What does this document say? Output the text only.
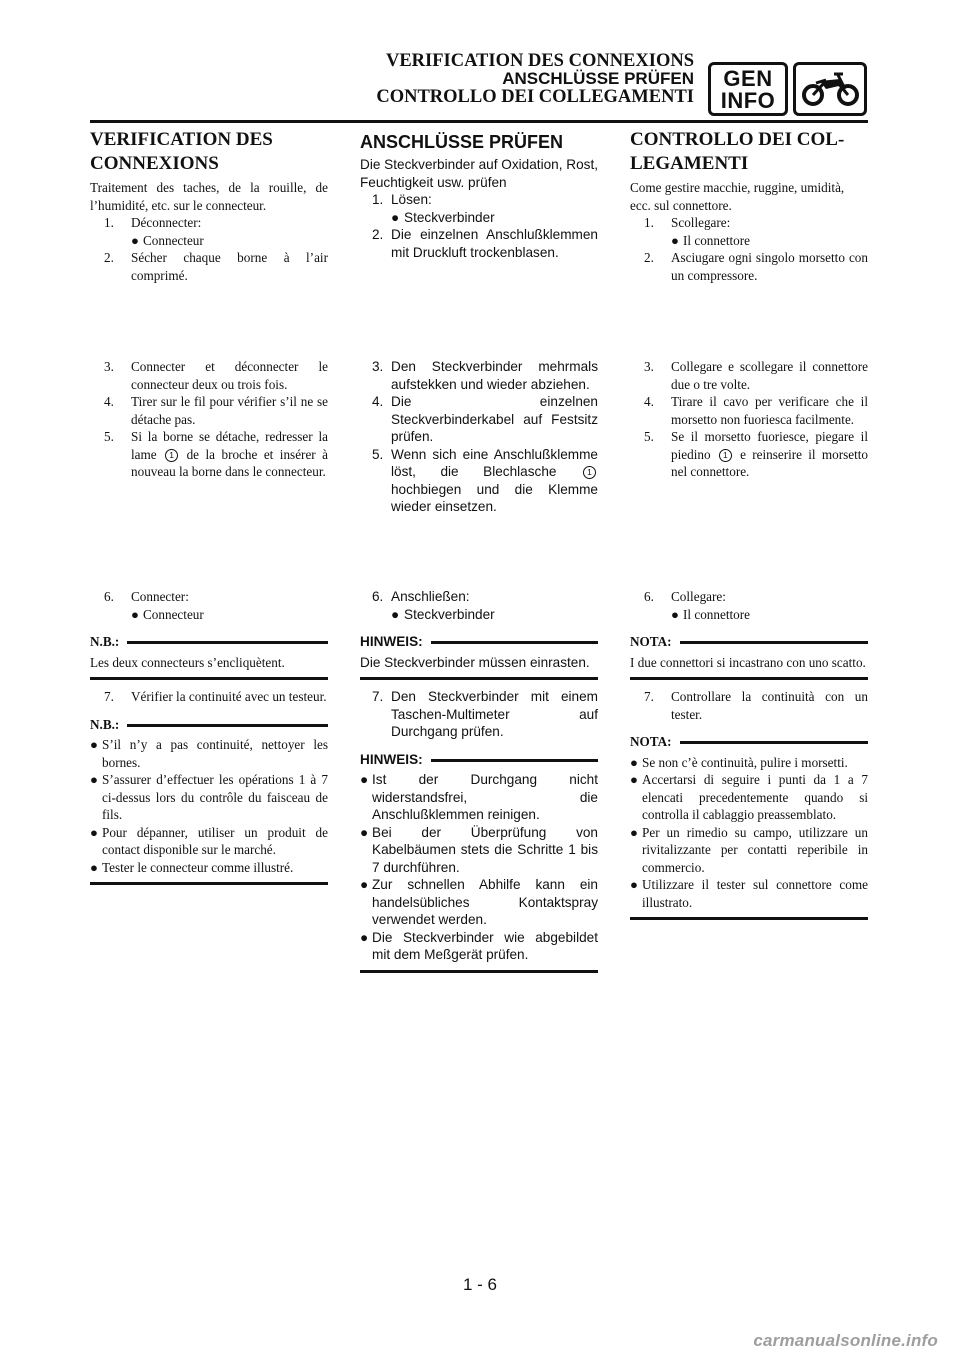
VERIFICATION DES CONNEXIONS
ANSCHLÜSSE PRÜFEN
CONTROLLO DEI COLLEGAMENTI
GEN
INFO
VERIFICATION DES
CONNEXIONS

Traitement des taches, de la rouille, de l’humidité, etc. sur le connecteur.

1. Déconnecter:
● Connecteur
2. Sécher chaque borne à l’air comprimé.
3. Connecter et déconnecter le connecteur deux ou trois fois.
4. Tirer sur le fil pour vérifier s’il ne se détache pas.
5. Si la borne se détache, redresser la lame 1 de la broche et insérer à nouveau la borne dans le connecteur.
6. Connecter:
● Connecteur
N.B.:

Les deux connecteurs s’encliquètent.

7. Vérifier la continuité avec un testeur.
N.B.:
● S’il n’y a pas continuité, nettoyer les bornes.
● S’assurer d’effectuer les opérations 1 à 7 ci-dessus lors du contrôle du faisceau de fils.
● Pour dépanner, utiliser un produit de contact disponible sur le marché.
● Tester le connecteur comme illustré.
ANSCHLÜSSE PRÜFEN

Die Steckverbinder auf Oxidation, Rost, Feuchtigkeit usw. prüfen

1. Lösen:
● Steckverbinder
2. Die einzelnen Anschlußklemmen mit Druckluft trockenblasen.
3. Den Steckverbinder mehrmals aufstekken und wieder abziehen.
4. Die einzelnen Steckverbinderkabel auf Festsitz prüfen.
5. Wenn sich eine Anschlußklemme löst, die Blechlasche	1 hochbiegen und die Klemme wieder einsetzen.
6. Anschließen:
● Steckverbinder
HINWEIS:

Die Steckverbinder müssen einrasten.

7. Den Steckverbinder mit einem Taschen-Multimeter auf Durchgang prüfen.
HINWEIS:
● Ist der Durchgang nicht widerstandsfrei, die Anschlußklemmen reinigen.
● Bei der Überprüfung von Kabelbäumen stets die Schritte 1 bis 7 durchführen.
● Zur schnellen Abhilfe kann ein handelsübliches Kontaktspray verwendet werden.
● Die Steckverbinder wie abgebildet mit dem Meßgerät prüfen.
CONTROLLO DEI COL-
LEGAMENTI

Come gestire macchie, ruggine, umidità, ecc. sul connettore.

1. Scollegare:
● Il connettore
2. Asciugare ogni singolo morsetto con un compressore.
3. Collegare e scollegare il connettore due o tre volte.
4. Tirare il cavo per verificare che il morsetto non fuoriesca facilmente.
5. Se il morsetto fuoriesce, piegare il piedino 1 e reinserire il morsetto nel connettore.
6. Collegare:
● Il connettore
NOTA:

I due connettori si incastrano con uno scatto.

7. Controllare la continuità con un tester.
NOTA:
● Se non c’è continuità, pulire i morsetti.
● Accertarsi di seguire i punti da 1 a 7 elencati precedentemente quando si controlla il cablaggio preassemblato.
● Per un rimedio su campo, utilizzare un rivitalizzante per contatti reperibile in commercio.
● Utilizzare il tester sul connettore come illustrato.
1 - 6
carmanualsonline.info
